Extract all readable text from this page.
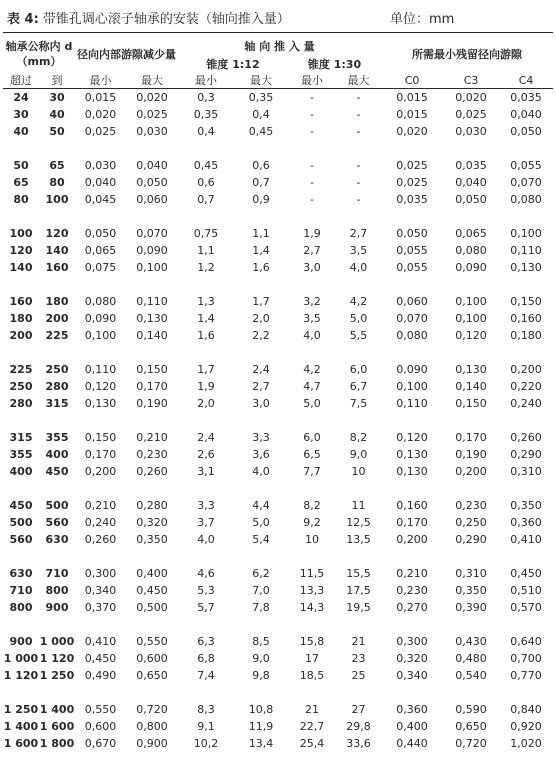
表 4: 带锥孔调心滚子轴承的安装（轴向推入量）	单位：mm
轴承公称内 d（mm）		径向内部游隙减少量		轴 向 推 入 量				所需最小残留径向游隙		
				锥度 1:12		锥度 1:30				
超过	到	最小	最大	最小	最大	最小	最大	C0	C3	C4
24	30	0,015	0,020	0,3	0,35	-	-	0,015	0,020	0,035
30	40	0,020	0,025	0,35	0,4	-	-	0,015	0,025	0,040
40	50	0,025	0,030	0,4	0,45	-	-	0,020	0,030	0,050

50	65	0,030	0,040	0,45	0,6	-	-	0,025	0,035	0,055
65	80	0,040	0,050	0,6	0,7	-	-	0,025	0,040	0,070
80	100	0,045	0,060	0,7	0,9	-	-	0,035	0,050	0,080

100	120	0,050	0,070	0,75	1,1	1,9	2,7	0,050	0,065	0,100
120	140	0,065	0,090	1,1	1,4	2,7	3,5	0,055	0,080	0,110
140	160	0,075	0,100	1,2	1,6	3,0	4,0	0,055	0,090	0,130

160	180	0,080	0,110	1,3	1,7	3,2	4,2	0,060	0,100	0,150
180	200	0,090	0,130	1,4	2,0	3,5	5,0	0,070	0,100	0,160
200	225	0,100	0,140	1,6	2,2	4,0	5,5	0,080	0,120	0,180

225	250	0,110	0,150	1,7	2,4	4,2	6,0	0,090	0,130	0,200
250	280	0,120	0,170	1,9	2,7	4,7	6,7	0,100	0,140	0,220
280	315	0,130	0,190	2,0	3,0	5,0	7,5	0,110	0,150	0,240

315	355	0,150	0,210	2,4	3,3	6,0	8,2	0,120	0,170	0,260
355	400	0,170	0,230	2,6	3,6	6,5	9,0	0,130	0,190	0,290
400	450	0,200	0,260	3,1	4,0	7,7	10	0,130	0,200	0,310

450	500	0,210	0,280	3,3	4,4	8,2	11	0,160	0,230	0,350
500	560	0,240	0,320	3,7	5,0	9,2	12,5	0,170	0,250	0,360
560	630	0,260	0,350	4,0	5,4	10	13,5	0,200	0,290	0,410

630	710	0,300	0,400	4,6	6,2	11,5	15,5	0,210	0,310	0,450
710	800	0,340	0,450	5,3	7,0	13,3	17,5	0,230	0,350	0,510
800	900	0,370	0,500	5,7	7,8	14,3	19,5	0,270	0,390	0,570

900	1 000	0,410	0,550	6,3	8,5	15,8	21	0,300	0,430	0,640
1 000	1 120	0,450	0,600	6,8	9,0	17	23	0,320	0,480	0,700
1 120	1 250	0,490	0,650	7,4	9,8	18,5	25	0,340	0,540	0,770

1 250	1 400	0,550	0,720	8,3	10,8	21	27	0,360	0,590	0,840
1 400	1 600	0,600	0,800	9,1	11,9	22,7	29,8	0,400	0,650	0,920
1 600	1 800	0,670	0,900	10,2	13,4	25,4	33,6	0,440	0,720	1,020
